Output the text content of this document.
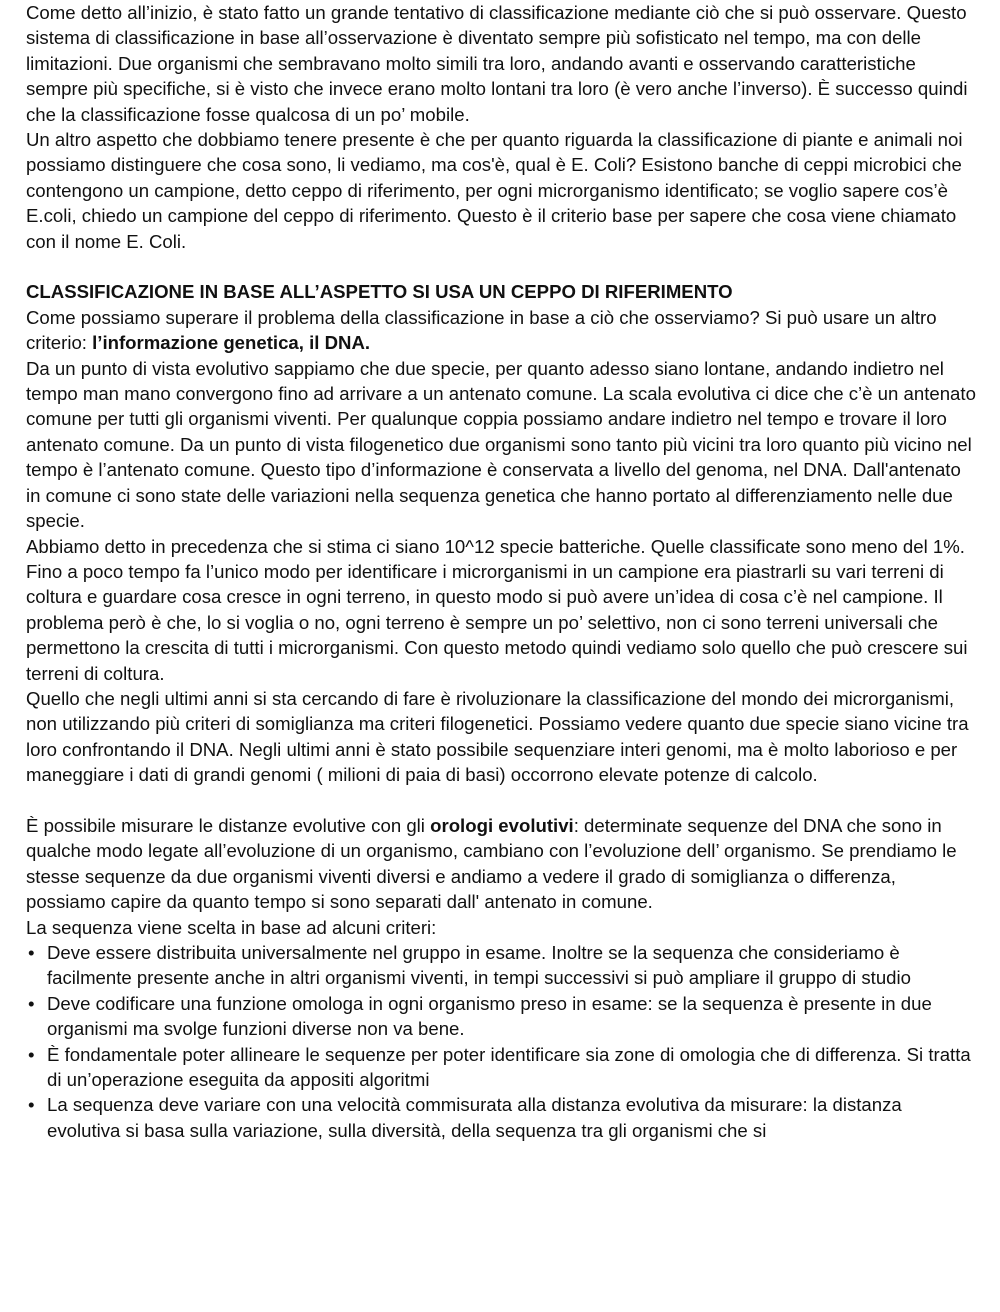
Come detto all’inizio, è stato fatto un grande tentativo di classificazione mediante ciò che si può osservare. Questo sistema di classificazione in base all’osservazione è diventato sempre più sofisticato nel tempo, ma con delle limitazioni. Due organismi che sembravano molto simili tra loro, andando avanti e osservando caratteristiche sempre più specifiche, si è visto che invece erano molto lontani tra loro (è vero anche l’inverso). È successo quindi che la classificazione fosse qualcosa di un po’ mobile.

Un altro aspetto che dobbiamo tenere presente è che per quanto riguarda la classificazione di piante e animali noi possiamo distinguere che cosa sono, li vediamo, ma cos'è, qual è E. Coli? Esistono banche di ceppi microbici che contengono un campione, detto ceppo di riferimento, per ogni microrganismo identificato; se voglio sapere cos’è E.coli, chiedo un campione del ceppo di riferimento. Questo è il criterio base per sapere che cosa viene chiamato con il nome E. Coli.

CLASSIFICAZIONE IN BASE ALL’ASPETTO SI USA UN CEPPO DI RIFERIMENTO

Come possiamo superare il problema della classificazione in base a ciò che osserviamo? Si può usare un altro criterio: l’informazione genetica, il DNA.

Da un punto di vista evolutivo sappiamo che due specie, per quanto adesso siano lontane, andando indietro nel tempo man mano convergono fino ad arrivare a un antenato comune. La scala evolutiva ci dice che c’è un antenato comune per tutti gli organismi viventi. Per qualunque coppia possiamo andare indietro nel tempo e trovare il loro antenato comune. Da un punto di vista filogenetico due organismi sono tanto più vicini tra loro quanto più vicino nel tempo è l’antenato comune. Questo tipo d’informazione è conservata a livello del genoma, nel DNA. Dall'antenato in comune ci sono state delle variazioni nella sequenza genetica che hanno portato al differenziamento nelle due specie.

Abbiamo detto in precedenza che si stima ci siano 10^12 specie batteriche. Quelle classificate sono meno del 1%. Fino a poco tempo fa l’unico modo per identificare i microrganismi in un campione era piastrarli su vari terreni di coltura e guardare cosa cresce in ogni terreno, in questo modo si può avere un’idea di cosa c’è nel campione. Il problema però è che, lo si voglia o no, ogni terreno è sempre un po’ selettivo, non ci sono terreni universali che permettono la crescita di tutti i microrganismi. Con questo metodo quindi vediamo solo quello che può crescere sui terreni di coltura.

Quello che negli ultimi anni si sta cercando di fare è rivoluzionare la classificazione del mondo dei microrganismi, non utilizzando più criteri di somiglianza ma criteri filogenetici. Possiamo vedere quanto due specie siano vicine tra loro confrontando il DNA. Negli ultimi anni è stato possibile sequenziare interi genomi, ma è molto laborioso e per maneggiare i dati di grandi genomi ( milioni di paia di basi) occorrono elevate potenze di calcolo.

È possibile misurare le distanze evolutive con gli orologi evolutivi: determinate sequenze del DNA che sono in qualche modo legate all’evoluzione di un organismo, cambiano con l’evoluzione dell’ organismo. Se prendiamo le stesse sequenze da due organismi viventi diversi e andiamo a vedere il grado di somiglianza o differenza, possiamo capire da quanto tempo si sono separati dall' antenato in comune.

La sequenza viene scelta in base ad alcuni criteri:

• Deve essere distribuita universalmente nel gruppo in esame. Inoltre se la sequenza che consideriamo è facilmente presente anche in altri organismi viventi, in tempi successivi si può ampliare il gruppo di studio
• Deve codificare una funzione omologa in ogni organismo preso in esame: se la sequenza è presente in due organismi ma svolge funzioni diverse non va bene.
• È fondamentale poter allineare le sequenze per poter identificare sia zone di omologia che di differenza. Si tratta di un’operazione eseguita da appositi algoritmi
• La sequenza deve variare con una velocità commisurata alla distanza evolutiva da misurare: la distanza evolutiva si basa sulla variazione, sulla diversità, della sequenza tra gli organismi che si
